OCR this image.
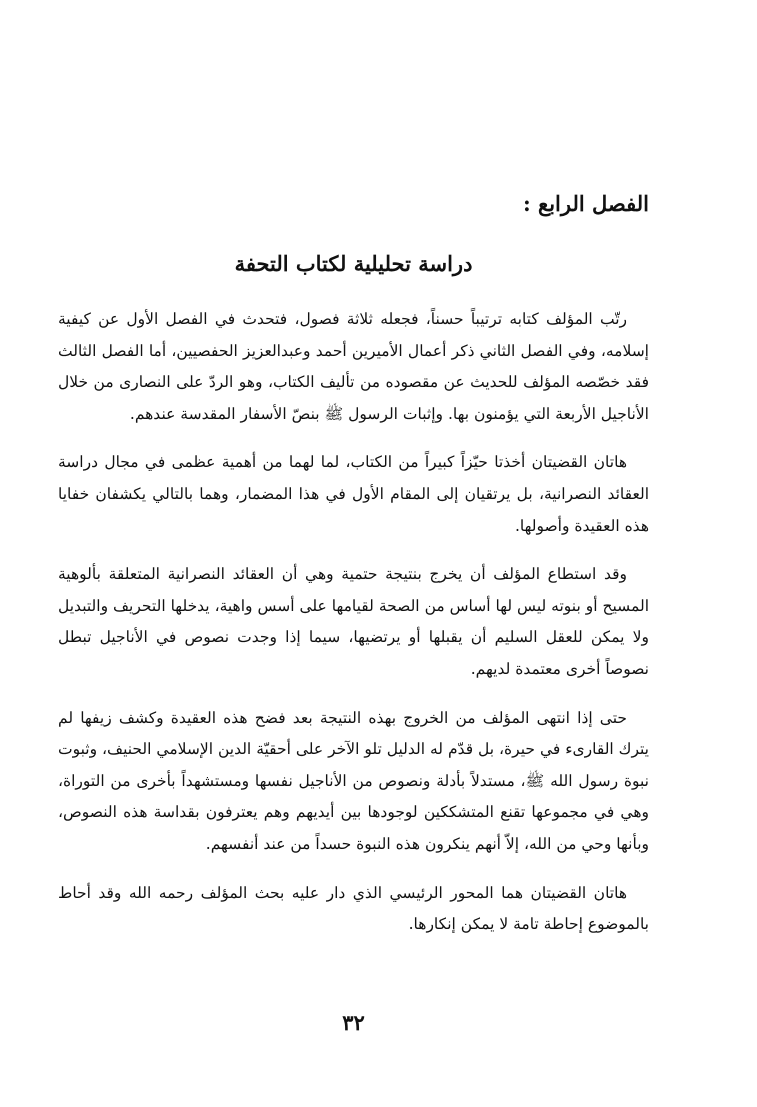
الفصل الرابع :
دراسة تحليلية لكتاب التحفة

رتّب المؤلف كتابه ترتيباً حسناً، فجعله ثلاثة فصول، فتحدث في الفصل الأول عن كيفية إسلامه، وفي الفصل الثاني ذكر أعمال الأميرين أحمد وعبدالعزيز الحفصيين، أما الفصل الثالث فقد خصّصه المؤلف للحديث عن مقصوده من تأليف الكتاب، وهو الردّ على النصارى من خلال الأناجيل الأربعة التي يؤمنون بها. وإثبات الرسول ﷺ بنصّ الأسفار المقدسة عندهم.

هاتان القضيتان أخذتا حيّزاً كبيراً من الكتاب، لما لهما من أهمية عظمى في مجال دراسة العقائد النصرانية، بل يرتقيان إلى المقام الأول في هذا المضمار، وهما بالتالي يكشفان خفايا هذه العقيدة وأصولها.

وقد استطاع المؤلف أن يخرج بنتيجة حتمية وهي أن العقائد النصرانية المتعلقة بألوهية المسيح أو بنوته ليس لها أساس من الصحة لقيامها على أسس واهية، يدخلها التحريف والتبديل ولا يمكن للعقل السليم أن يقبلها أو يرتضيها، سيما إذا وجدت نصوص في الأناجيل تبطل نصوصاً أخرى معتمدة لديهم.

حتى إذا انتهى المؤلف من الخروج بهذه النتيجة بعد فضح هذه العقيدة وكشف زيفها لم يترك القارىء في حيرة، بل قدّم له الدليل تلو الآخر على أحقيّة الدين الإسلامي الحنيف، وثبوت نبوة رسول الله ﷺ، مستدلاً بأدلة ونصوص من الأناجيل نفسها ومستشهداً بأخرى من التوراة، وهي في مجموعها تقنع المتشككين لوجودها بين أيديهم وهم يعترفون بقداسة هذه النصوص، وبأنها وحي من الله، إلاّ أنهم ينكرون هذه النبوة حسداً من عند أنفسهم.

هاتان القضيتان هما المحور الرئيسي الذي دار عليه بحث المؤلف رحمه الله وقد أحاط بالموضوع إحاطة تامة لا يمكن إنكارها.

٣٢
